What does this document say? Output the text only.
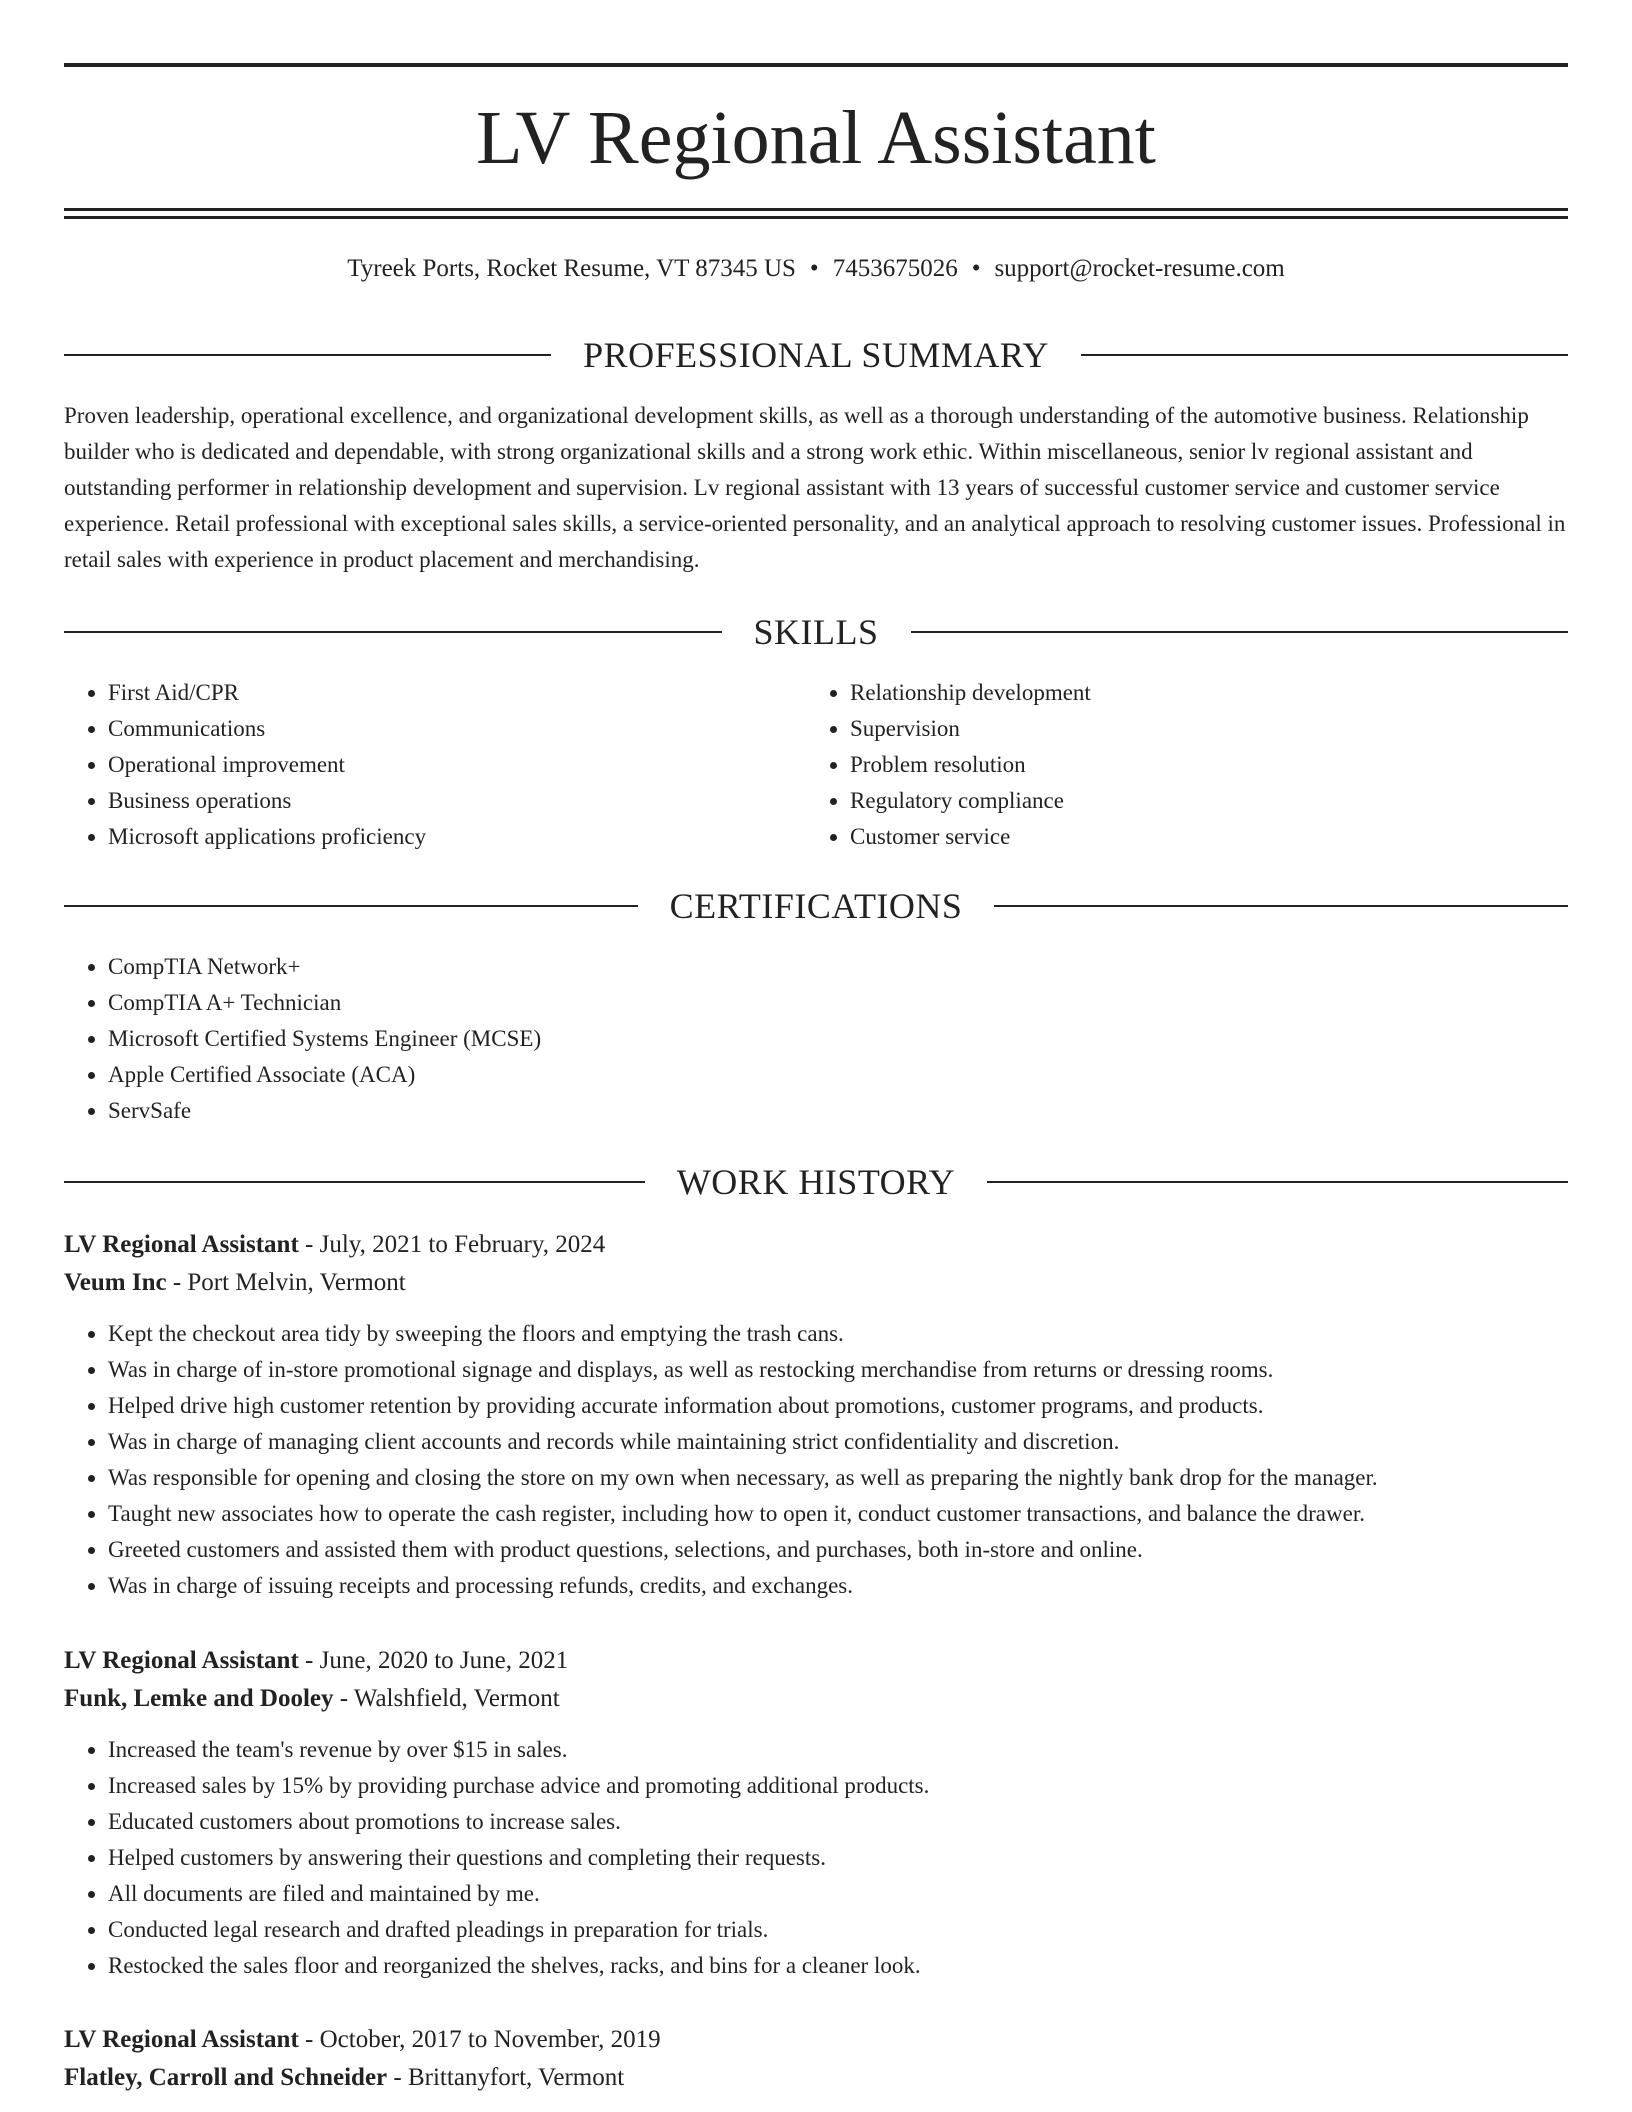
LV Regional Assistant
Tyreek Ports, Rocket Resume, VT 87345 US • 7453675026 • support@rocket-resume.com
PROFESSIONAL SUMMARY

Proven leadership, operational excellence, and organizational development skills, as well as a thorough understanding of the automotive business. Relationship builder who is dedicated and dependable, with strong organizational skills and a strong work ethic. Within miscellaneous, senior lv regional assistant and outstanding performer in relationship development and supervision. Lv regional assistant with 13 years of successful customer service and customer service experience. Retail professional with exceptional sales skills, a service-oriented personality, and an analytical approach to resolving customer issues. Professional in retail sales with experience in product placement and merchandising.

SKILLS
• First Aid/CPR
• Communications
• Operational improvement
• Business operations
• Microsoft applications proficiency
• Relationship development
• Supervision
• Problem resolution
• Regulatory compliance
• Customer service
CERTIFICATIONS
• CompTIA Network+
• CompTIA A+ Technician
• Microsoft Certified Systems Engineer (MCSE)
• Apple Certified Associate (ACA)
• ServSafe
WORK HISTORY
LV Regional Assistant - July, 2021 to February, 2024
Veum Inc - Port Melvin, Vermont
• Kept the checkout area tidy by sweeping the floors and emptying the trash cans.
• Was in charge of in-store promotional signage and displays, as well as restocking merchandise from returns or dressing rooms.
• Helped drive high customer retention by providing accurate information about promotions, customer programs, and products.
• Was in charge of managing client accounts and records while maintaining strict confidentiality and discretion.
• Was responsible for opening and closing the store on my own when necessary, as well as preparing the nightly bank drop for the manager.
• Taught new associates how to operate the cash register, including how to open it, conduct customer transactions, and balance the drawer.
• Greeted customers and assisted them with product questions, selections, and purchases, both in-store and online.
• Was in charge of issuing receipts and processing refunds, credits, and exchanges.
LV Regional Assistant - June, 2020 to June, 2021
Funk, Lemke and Dooley - Walshfield, Vermont
• Increased the team's revenue by over $15 in sales.
• Increased sales by 15% by providing purchase advice and promoting additional products.
• Educated customers about promotions to increase sales.
• Helped customers by answering their questions and completing their requests.
• All documents are filed and maintained by me.
• Conducted legal research and drafted pleadings in preparation for trials.
• Restocked the sales floor and reorganized the shelves, racks, and bins for a cleaner look.
LV Regional Assistant - October, 2017 to November, 2019
Flatley, Carroll and Schneider - Brittanyfort, Vermont
